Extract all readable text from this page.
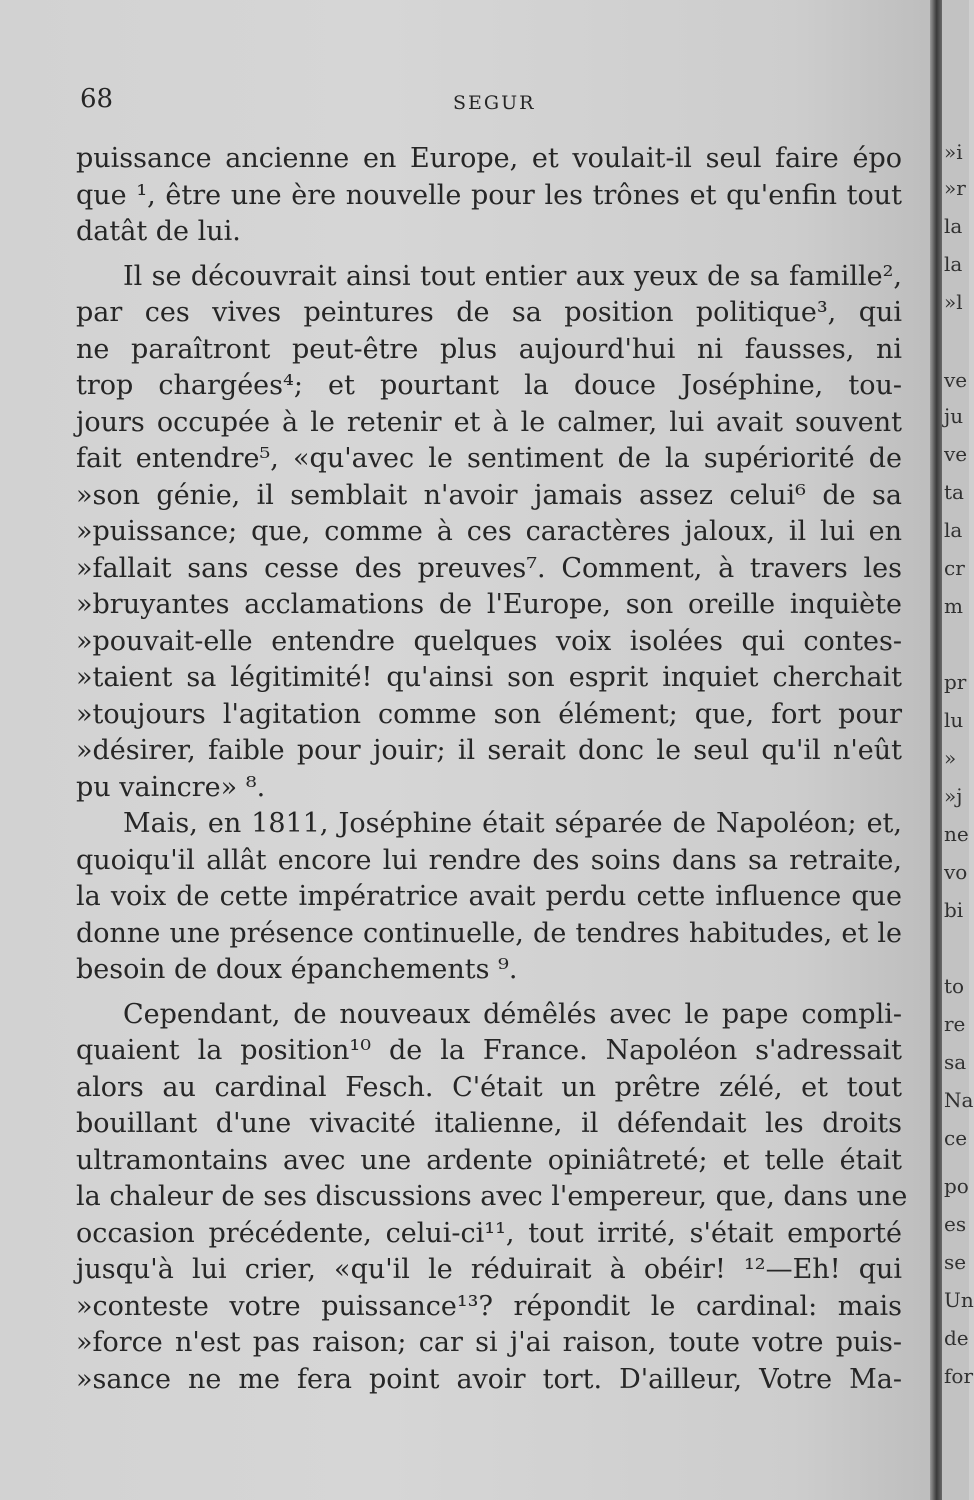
68	SEGUR
puissance ancienne en Europe, et voulait-il seul faire épo
que ¹, être une ère nouvelle pour les trônes et qu'enfin tout
datât de lui.
Il se découvrait ainsi tout entier aux yeux de sa famille²,
par ces vives peintures de sa position politique³, qui
ne paraîtront peut-être plus aujourd'hui ni fausses, ni
trop chargées⁴; et pourtant la douce Joséphine, tou-
jours occupée à le retenir et à le calmer, lui avait souvent
fait entendre⁵, «qu'avec le sentiment de la supériorité de
»son génie, il semblait n'avoir jamais assez celui⁶ de sa
»puissance; que, comme à ces caractères jaloux, il lui en
»fallait sans cesse des preuves⁷. Comment, à travers les
»bruyantes acclamations de l'Europe, son oreille inquiète
»pouvait-elle entendre quelques voix isolées qui contes-
»taient sa légitimité! qu'ainsi son esprit inquiet cherchait
»toujours l'agitation comme son élément; que, fort pour
»désirer, faible pour jouir; il serait donc le seul qu'il n'eût
pu vaincre» ⁸.
Mais, en 1811, Joséphine était séparée de Napoléon; et,
quoiqu'il allât encore lui rendre des soins dans sa retraite,
la voix de cette impératrice avait perdu cette influence que
donne une présence continuelle, de tendres habitudes, et le
besoin de doux épanchements ⁹.
Cependant, de nouveaux démêlés avec le pape compli-
quaient la position¹⁰ de la France. Napoléon s'adressait
alors au cardinal Fesch. C'était un prêtre zélé, et tout
bouillant d'une vivacité italienne, il défendait les droits
ultramontains avec une ardente opiniâtreté; et telle était
la chaleur de ses discussions avec l'empereur, que, dans une
occasion précédente, celui-ci¹¹, tout irrité, s'était emporté
jusqu'à lui crier, «qu'il le réduirait à obéir! ¹²—Eh! qui
»conteste votre puissance¹³? répondit le cardinal: mais
»force n'est pas raison; car si j'ai raison, toute votre puis-
»sance ne me fera point avoir tort. D'ailleur, Votre Ma-
»i
»r
la
la
»l
ve
ju
ve
ta
la
cr
m
pr
lu
»
»j
ne
vo
bi
to
re
sa
Na
ce
po
es
se
Un
de
for
